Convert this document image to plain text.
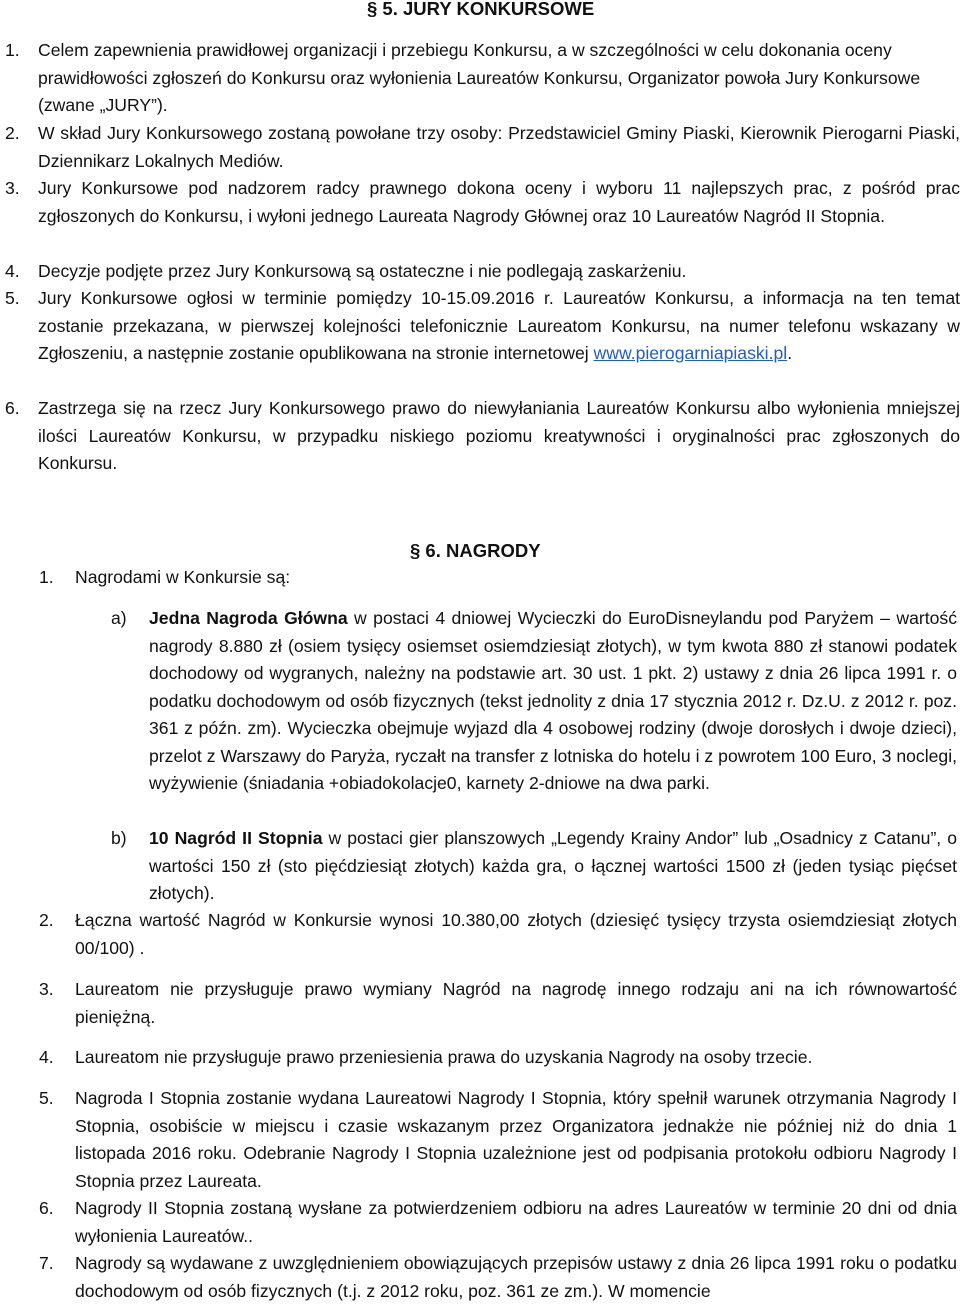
§ 5. JURY KONKURSOWE
1.	Celem zapewnienia prawidłowej organizacji i przebiegu Konkursu, a w szczególności w celu dokonania oceny prawidłowości zgłoszeń do Konkursu oraz wyłonienia Laureatów Konkursu, Organizator powoła Jury Konkursowe (zwane „JURY”).
2.	W skład Jury Konkursowego zostaną powołane trzy osoby: Przedstawiciel Gminy Piaski, Kierownik Pierogarni Piaski, Dziennikarz Lokalnych Mediów.
3.	Jury Konkursowe pod nadzorem radcy prawnego dokona oceny i wyboru 11 najlepszych prac, z pośród prac zgłoszonych do Konkursu, i wyłoni jednego Laureata Nagrody Głównej oraz 10 Laureatów Nagród II Stopnia.
4.	Decyzje podjęte przez Jury Konkursową są ostateczne i nie podlegają zaskarżeniu.
5.	Jury Konkursowe ogłosi w terminie pomiędzy 10-15.09.2016 r. Laureatów Konkursu, a informacja na ten temat zostanie przekazana, w pierwszej kolejności telefonicznie Laureatom Konkursu, na numer telefonu wskazany w Zgłoszeniu, a następnie zostanie opublikowana na stronie internetowej www.pierogarniapiaski.pl.
6.	Zastrzega się na rzecz Jury Konkursowego prawo do niewyłaniania Laureatów Konkursu albo wyłonienia mniejszej ilości Laureatów Konkursu, w przypadku niskiego poziomu kreatywności i oryginalności prac zgłoszonych do Konkursu.
§ 6. NAGRODY
1.	Nagrodami w Konkursie są:
a)	Jedna Nagroda Główna w postaci 4 dniowej Wycieczki do EuroDisneylandu pod Paryżem – wartość nagrody 8.880 zł (osiem tysięcy osiemset osiemdziesiąt złotych), w tym kwota 880 zł stanowi podatek dochodowy od wygranych, należny na podstawie art. 30 ust. 1 pkt. 2) ustawy z dnia 26 lipca 1991 r. o podatku dochodowym od osób fizycznych (tekst jednolity z dnia 17 stycznia 2012 r. Dz.U. z 2012 r. poz. 361 z późn. zm). Wycieczka obejmuje wyjazd dla 4 osobowej rodziny (dwoje dorosłych i dwoje dzieci), przelot z Warszawy do Paryża, ryczałt na transfer z lotniska do hotelu i z powrotem 100 Euro, 3 noclegi, wyżywienie (śniadania +obiadokolacje0, karnety 2-dniowe na dwa parki.
b)	10 Nagród II Stopnia w postaci gier planszowych „Legendy Krainy Andor” lub „Osadnicy z Catanu”, o wartości 150 zł (sto pięćdziesiąt złotych) każda gra, o łącznej wartości 1500 zł (jeden tysiąc pięćset złotych).
2.	Łączna wartość Nagród w Konkursie wynosi 10.380,00 złotych (dziesięć tysięcy trzysta osiemdziesiąt złotych 00/100) .
3.	Laureatom nie przysługuje prawo wymiany Nagród na nagrodę innego rodzaju ani na ich równowartość pieniężną.
4.	Laureatom nie przysługuje prawo przeniesienia prawa do uzyskania Nagrody na osoby trzecie.
5.	Nagroda I Stopnia zostanie wydana Laureatowi Nagrody I Stopnia, który spełnił warunek otrzymania Nagrody I Stopnia, osobiście w miejscu i czasie wskazanym przez Organizatora jednakże nie później niż do dnia 1 listopada 2016 roku. Odebranie Nagrody I Stopnia uzależnione jest od podpisania protokołu odbioru Nagrody I Stopnia przez Laureata.
6.	Nagrody II Stopnia zostaną wysłane za potwierdzeniem odbioru na adres Laureatów w terminie 20 dni od dnia wyłonienia Laureatów..
7.	Nagrody są wydawane z uwzględnieniem obowiązujących przepisów ustawy z dnia 26 lipca 1991 roku o podatku dochodowym od osób fizycznych (t.j. z 2012 roku, poz. 361 ze zm.). W momencie
